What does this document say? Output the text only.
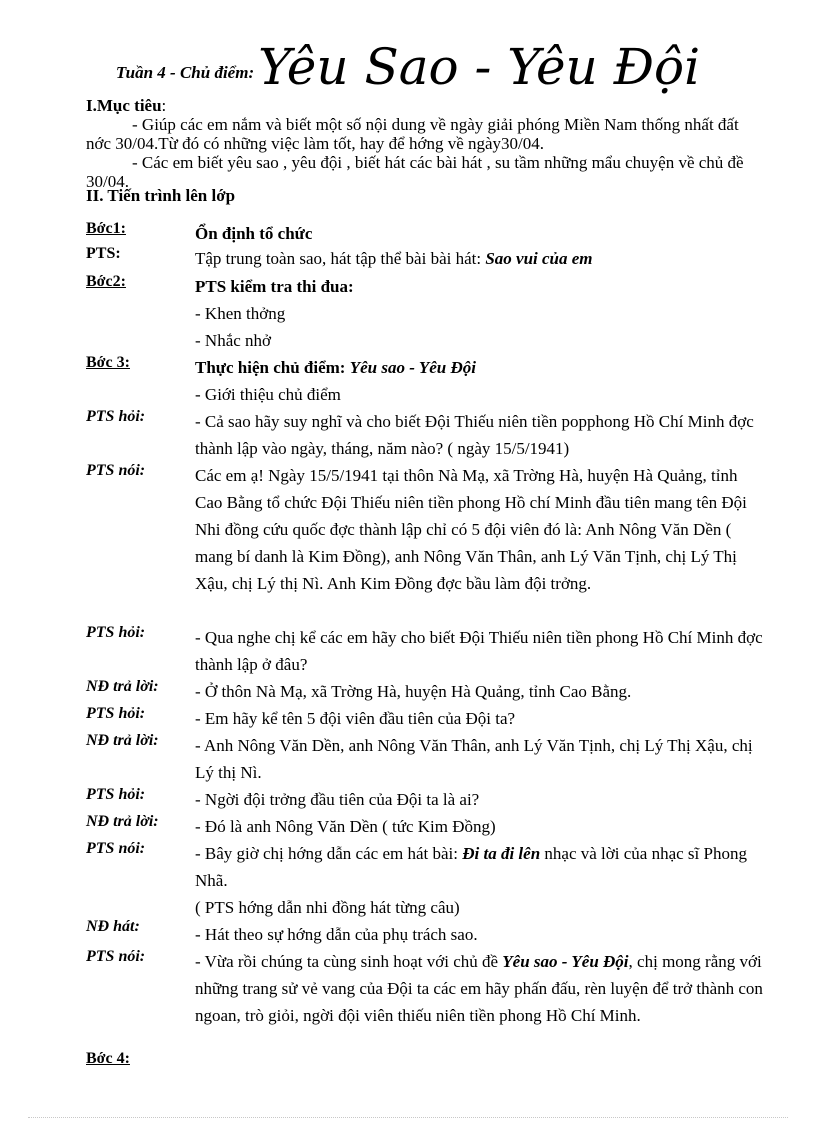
Tuần 4 - Chủ điểm: Yêu Sao - Yêu Đội

I.Mục tiêu:

- Giúp các em nắm và biết một số nội dung về ngày giải phóng Miền Nam thống nhất đất nớc 30/04.Từ đó có những việc làm tốt, hay để hớng về ngày30/04.

- Các em biết yêu sao , yêu đội , biết hát các bài hát , su tầm những mẩu chuyện về chủ đề 30/04.

II. Tiến trình lên lớp
Bớc1:	Ổn định tổ chức
PTS:	Tập trung toàn sao, hát tập thể bài bài hát: Sao vui của em
Bớc2:	PTS kiểm tra thi đua:
- Khen thởng
- Nhắc nhở
Bớc 3:	Thực hiện chủ điểm: Yêu sao - Yêu Đội
- Giới thiệu chủ điểm
PTS hỏi:	- Cả sao hãy suy nghĩ và cho biết Đội Thiếu niên tiền popphong Hồ Chí Minh đợc thành lập vào ngày, tháng, năm nào? ( ngày 15/5/1941)
PTS nói:	Các em ạ! Ngày 15/5/1941 tại thôn Nà Mạ, xã Trờng Hà, huyện Hà Quảng, tỉnh Cao Bằng tổ chức Đội Thiếu niên tiền phong Hồ chí Minh đầu tiên mang tên Đội Nhi đồng cứu quốc đợc thành lập chỉ có 5 đội viên đó là: Anh Nông Văn Dền ( mang bí danh là Kim Đồng), anh Nông Văn Thân, anh Lý Văn Tịnh, chị Lý Thị Xậu, chị Lý thị Nì. Anh Kim Đồng đợc bầu làm đội trởng.
PTS hỏi:	- Qua nghe chị kể các em hãy cho biết Đội Thiếu niên tiền phong Hồ Chí Minh đợc thành lập ở đâu?
NĐ trả lời:	- Ở thôn Nà Mạ, xã Trờng Hà, huyện Hà Quảng, tỉnh Cao Bằng.
PTS hỏi:	- Em hãy kể tên 5 đội viên đầu tiên của Đội ta?
NĐ trả lời:	- Anh Nông Văn Dền, anh Nông Văn Thân, anh Lý Văn Tịnh, chị Lý Thị Xậu, chị Lý thị Nì.
PTS hỏi:	- Ngời đội trởng đầu tiên của Đội ta là ai?
NĐ trả lời:	- Đó là anh Nông Văn Dền ( tức Kim Đồng)
PTS nói:	- Bây giờ chị hớng dẫn các em hát bài: Đi ta đi lên nhạc và lời của nhạc sĩ Phong Nhã.
( PTS hớng dẫn nhi đồng hát từng câu)
NĐ hát:	- Hát theo sự hớng dẫn của phụ trách sao.
PTS nói:	- Vừa rồi chúng ta cùng sinh hoạt với chủ đề Yêu sao - Yêu Đội, chị mong rằng với những trang sử vẻ vang của Đội ta các em hãy phấn đấu, rèn luyện để trở thành con ngoan, trò giỏi, ngời đội viên thiếu niên tiền phong Hồ Chí Minh.
Bớc 4:
